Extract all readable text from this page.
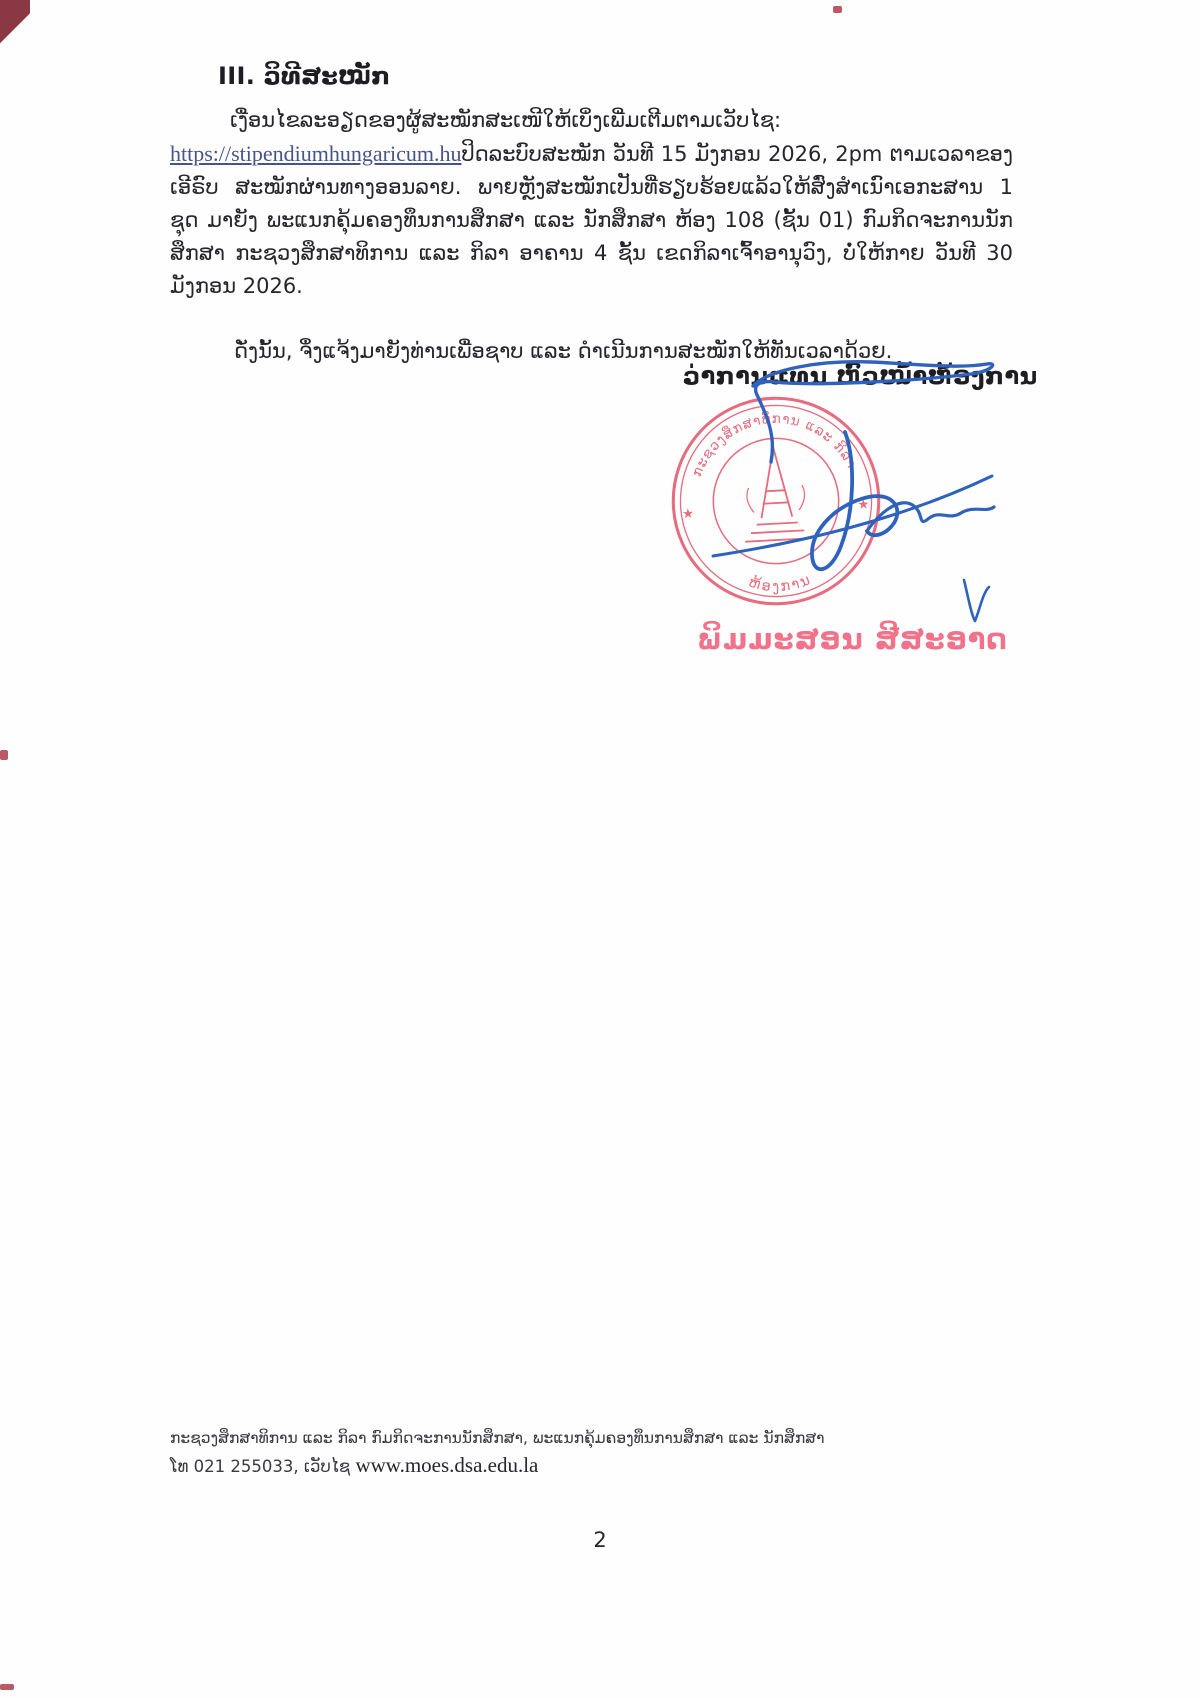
III. ວິທີສະໝັກ

ເງື່ອນໄຂລະອຽດຂອງຜູ້ສະໝັກສະເໜີໃຫ້ເບິ່ງເພີ່ມເຕີມຕາມເວັບໄຊ: https://stipendiumhungaricum.huປິດລະບົບສະໝັກ ວັນທີ 15 ມັງກອນ 2026, 2pm ຕາມເວລາຂອງເອີຣົບ ສະໝັກຜ່ານທາງອອນລາຍ. ພາຍຫຼັງສະໝັກເປັນທີ່ຮຽບຮ້ອຍແລ້ວໃຫ້ສົ່ງສຳເນົາເອກະສານ 1 ຊຸດ ມາຍັງ ພະແນກຄຸ້ມຄອງທຶນການສຶກສາ ແລະ ນັກສຶກສາ ຫ້ອງ 108 (ຊັ້ນ 01) ກົມກິດຈະການນັກສຶກສາ ກະຊວງສຶກສາທິການ ແລະ ກິລາ ອາຄານ 4 ຊັ້ນ ເຂດກິລາເຈົ້າອານຸວົງ, ບໍ່ໃຫ້ກາຍ ວັນທີ 30 ມັງກອນ 2026.

ດັ່ງນັ້ນ, ຈຶ່ງແຈ້ງມາຍັງທ່ານເພື່ອຊາບ ແລະ ດຳເນີນການສະໝັກໃຫ້ທັນເວລາດ້ວຍ.

ວ່າການແທນ ຫົວໜ້າຫ້ອງການ
ກະຊວງສຶກສາທິການ ແລະ ກິລາ
ຫ້ອງການ
★
★
ພິມມະສອນ ສີສະອາດ

ກະຊວງສຶກສາທິການ ແລະ ກິລາ ກົມກິດຈະການນັກສຶກສາ, ພະແນກຄຸ້ມຄອງທຶນການສຶກສາ ແລະ ນັກສຶກສາ

ໂທ 021 255033, ເວັບໄຊ www.moes.dsa.edu.la

2
